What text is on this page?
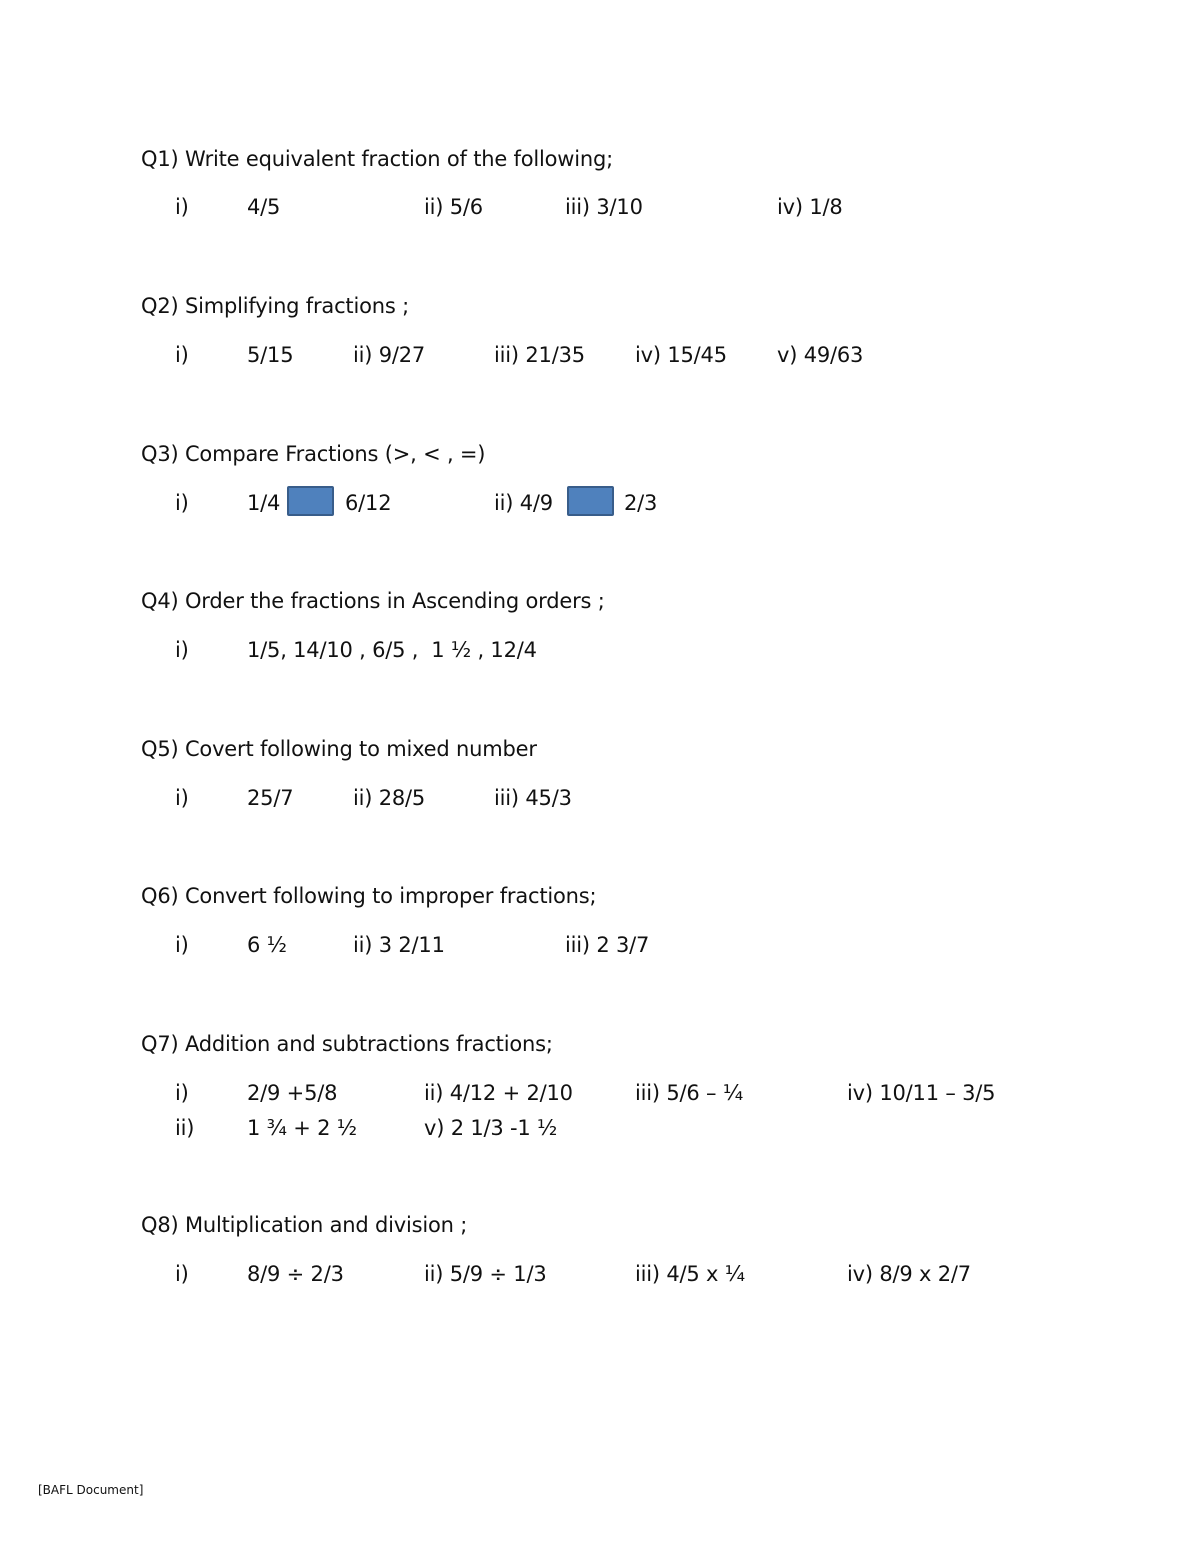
Q1) Write equivalent fraction of the following;
i)	4/5	ii) 5/6	iii) 3/10	iv) 1/8
Q2) Simplifying fractions ;
i)	5/15	ii) 9/27	iii) 21/35 iv) 15/45 v) 49/63
Q3) Compare Fractions (>, < , =)
i)	1/4	6/12	ii) 4/9	2/3
Q4) Order the fractions in Ascending orders ;
i)	1/5, 14/10 , 6/5 ,  1 ½ , 12/4
Q5) Covert following to mixed number
i)	25/7	ii) 28/5	iii) 45/3
Q6) Convert following to improper fractions;
i)	6 ½	ii) 3 2/11	iii) 2 3/7
Q7) Addition and subtractions fractions;
i)	2/9 +5/8	ii) 4/12 + 2/10	iii) 5/6 – ¼	iv) 10/11 – 3/5
ii)	1 ¾ + 2 ½	v) 2 1/3 -1 ½
Q8) Multiplication and division ;
i)	8/9 ÷ 2/3	ii) 5/9 ÷ 1/3	iii) 4/5 x ¼	iv) 8/9 x 2/7
[BAFL Document]
